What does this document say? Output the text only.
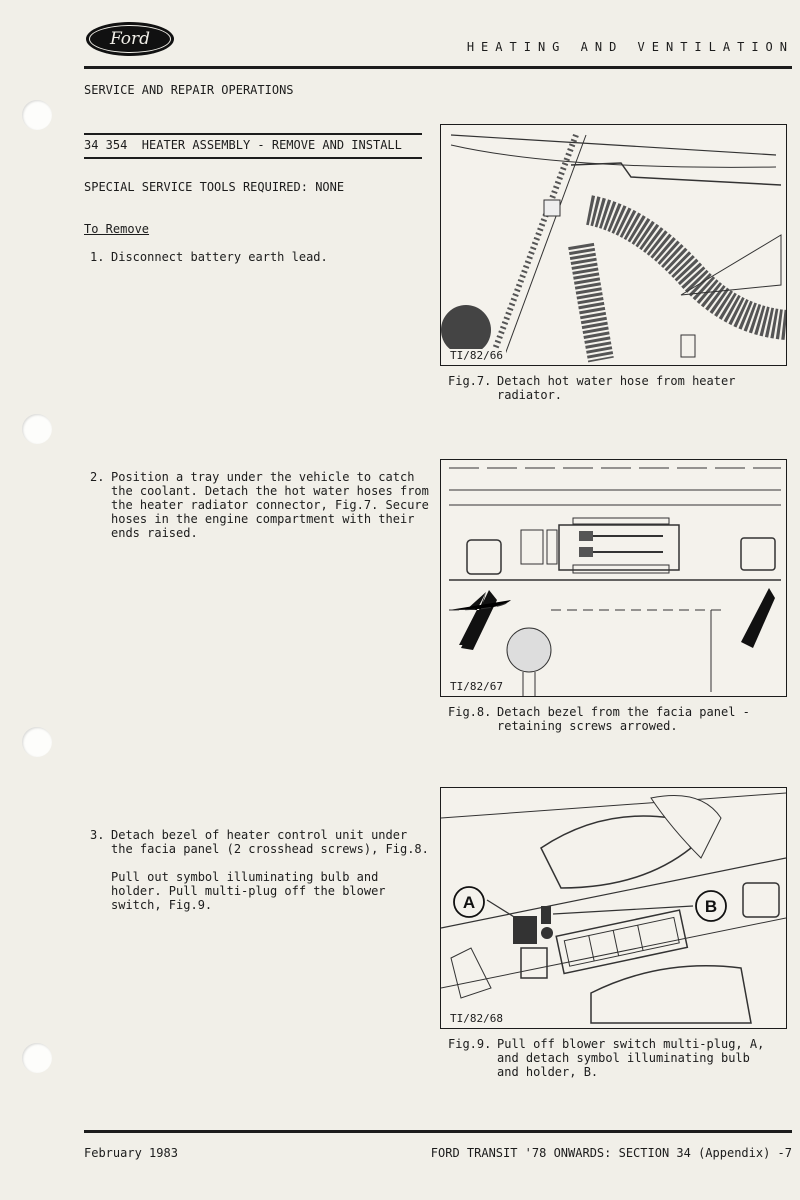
Ford	HEATING AND VENTILATION
SERVICE AND REPAIR OPERATIONS
34 354  HEATER ASSEMBLY - REMOVE AND INSTALL
SPECIAL SERVICE TOOLS REQUIRED: NONE
To Remove
1. Disconnect battery earth lead.

2. Position a tray under the vehicle to catch the coolant. Detach the hot water hoses from the heater radiator connector, Fig.7. Secure hoses in the engine compartment with their ends raised.

3. Detach bezel of heater control unit under the facia panel (2 crosshead screws), Fig.8.

Pull out symbol illuminating bulb and holder. Pull multi-plug off the blower switch, Fig.9.

TI/82/66
Fig.7. Detach hot water hose from heater radiator.
TI/82/67
Fig.8. Detach bezel from the facia panel - retaining screws arrowed.
A	B
TI/82/68
Fig.9. Pull off blower switch multi-plug, A, and detach symbol illuminating bulb and holder, B.
February 1983	FORD TRANSIT '78 ONWARDS: SECTION 34 (Appendix) -7
